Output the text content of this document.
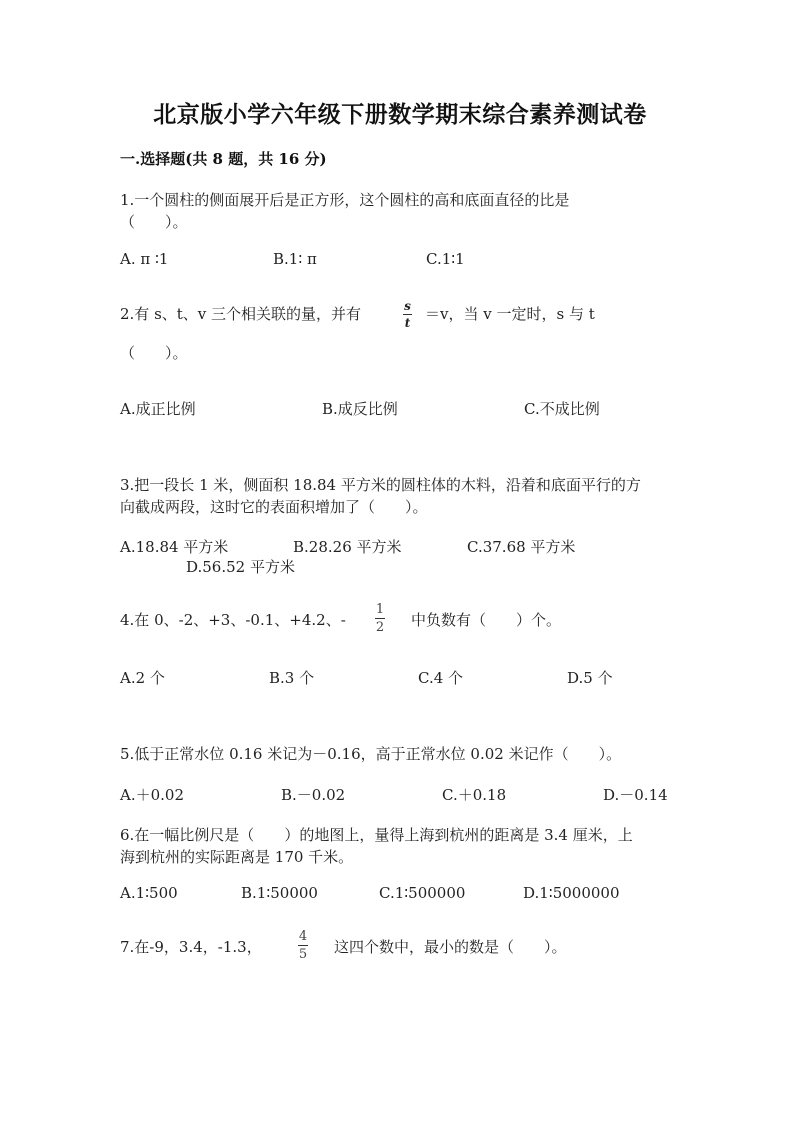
北京版小学六年级下册数学期末综合素养测试卷
一.选择题(共 8 题，共 16 分)
1.一个圆柱的侧面展开后是正方形，这个圆柱的高和底面直径的比是
（　　）。
A. π ∶1	B.1∶ π	C.1∶1
2.有 s、t、v 三个相关联的量，并有	s
t ＝v，当 v 一定时，s 与 t
（　　）。
A.成正比例	B.成反比例	C.不成比例
3.把一段长 1 米，侧面积 18.84 平方米的圆柱体的木料，沿着和底面平行的方
向截成两段，这时它的表面积增加了（　　）。
A.18.84 平方米	B.28.26 平方米	C.37.68 平方米
D.56.52 平方米
4.在 0、-2、+3、-0.1、+4.2、-
1
2 中负数有（　　）个。
A.2 个	B.3 个	C.4 个	D.5 个
5.低于正常水位 0.16 米记为－0.16，高于正常水位 0.02 米记作（　　）。
A.＋0.02	B.－0.02	C.＋0.18	D.－0.14
6.在一幅比例尺是（　　）的地图上，量得上海到杭州的距离是 3.4 厘米，上
海到杭州的实际距离是 170 千米。
A.1∶500	B.1∶50000	C.1∶500000	D.1∶5000000
7.在-9，3.4，-1.3，
4
5 这四个数中，最小的数是（　　）。
